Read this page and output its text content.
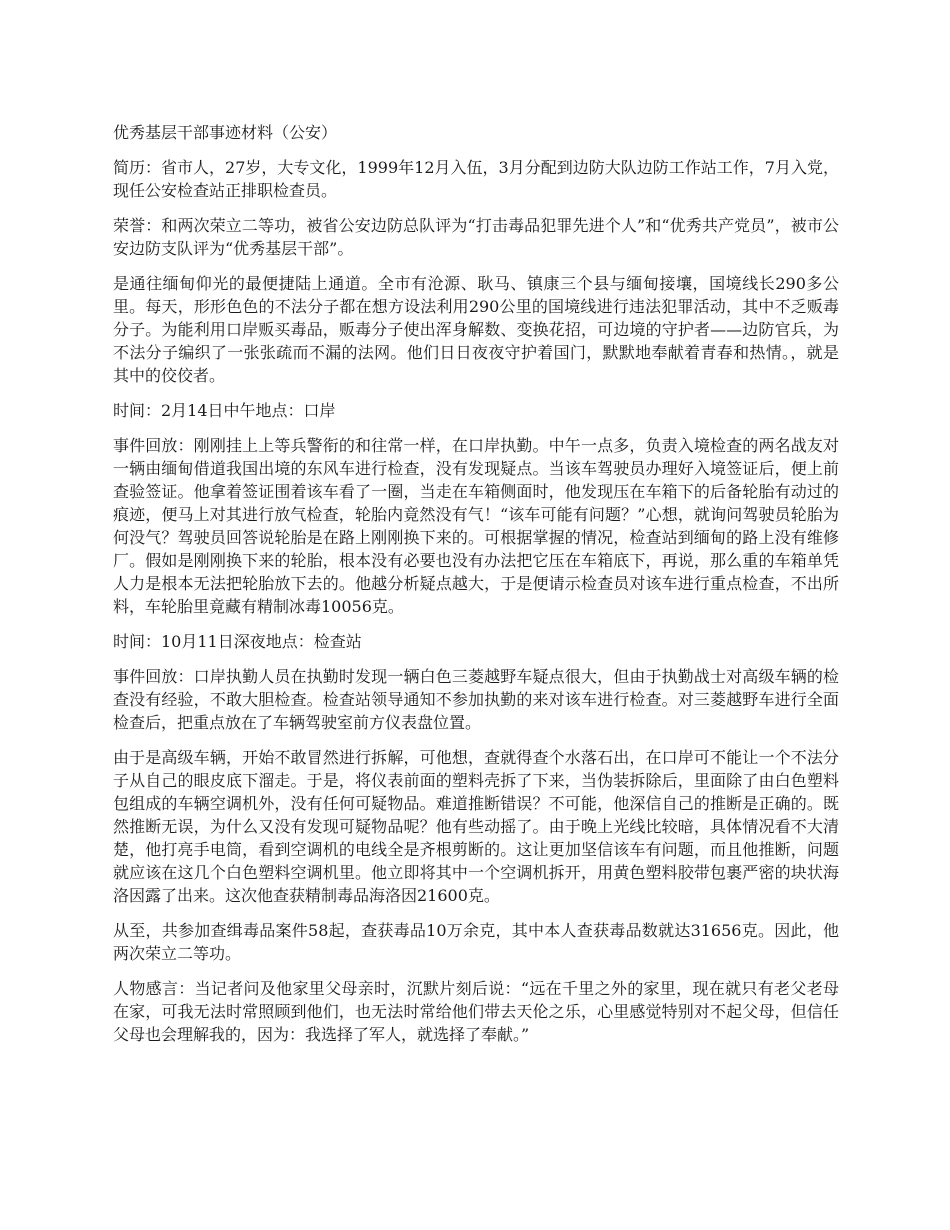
优秀基层干部事迹材料（公安）

简历：省市人，27岁，大专文化，1999年12月入伍，3月分配到边防大队边防工作站工作，7月入党，现任公安检查站正排职检查员。

荣誉：和两次荣立二等功，被省公安边防总队评为“打击毒品犯罪先进个人”和“优秀共产党员”，被市公安边防支队评为“优秀基层干部”。

是通往缅甸仰光的最便捷陆上通道。全市有沧源、耿马、镇康三个县与缅甸接壤，国境线长290多公里。每天，形形色色的不法分子都在想方设法利用290公里的国境线进行违法犯罪活动，其中不乏贩毒分子。为能利用口岸贩买毒品，贩毒分子使出浑身解数、变换花招，可边境的守护者——边防官兵，为不法分子编织了一张张疏而不漏的法网。他们日日夜夜守护着国门，默默地奉献着青春和热情。，就是其中的佼佼者。

时间：2月14日中午地点：口岸

事件回放：刚刚挂上上等兵警衔的和往常一样，在口岸执勤。中午一点多，负责入境检查的两名战友对一辆由缅甸借道我国出境的东风车进行检查，没有发现疑点。当该车驾驶员办理好入境签证后，便上前查验签证。他拿着签证围着该车看了一圈，当走在车箱侧面时，他发现压在车箱下的后备轮胎有动过的痕迹，便马上对其进行放气检查，轮胎内竟然没有气！“该车可能有问题？”心想，就询问驾驶员轮胎为何没气？驾驶员回答说轮胎是在路上刚刚换下来的。可根据掌握的情况，检查站到缅甸的路上没有维修厂。假如是刚刚换下来的轮胎，根本没有必要也没有办法把它压在车箱底下，再说，那么重的车箱单凭人力是根本无法把轮胎放下去的。他越分析疑点越大，于是便请示检查员对该车进行重点检查，不出所料，车轮胎里竟藏有精制冰毒10056克。

时间：10月11日深夜地点：检查站

事件回放：口岸执勤人员在执勤时发现一辆白色三菱越野车疑点很大，但由于执勤战士对高级车辆的检查没有经验，不敢大胆检查。检查站领导通知不参加执勤的来对该车进行检查。对三菱越野车进行全面检查后，把重点放在了车辆驾驶室前方仪表盘位置。

由于是高级车辆，开始不敢冒然进行拆解，可他想，查就得查个水落石出，在口岸可不能让一个不法分子从自己的眼皮底下溜走。于是，将仪表前面的塑料壳拆了下来，当伪装拆除后，里面除了由白色塑料包组成的车辆空调机外，没有任何可疑物品。难道推断错误？不可能，他深信自己的推断是正确的。既然推断无误，为什么又没有发现可疑物品呢？他有些动摇了。由于晚上光线比较暗，具体情况看不大清楚，他打亮手电筒，看到空调机的电线全是齐根剪断的。这让更加坚信该车有问题，而且他推断，问题就应该在这几个白色塑料空调机里。他立即将其中一个空调机拆开，用黄色塑料胶带包裹严密的块状海洛因露了出来。这次他查获精制毒品海洛因21600克。

从至，共参加查缉毒品案件58起，查获毒品10万余克，其中本人查获毒品数就达31656克。因此，他两次荣立二等功。

人物感言：当记者问及他家里父母亲时，沉默片刻后说：“远在千里之外的家里，现在就只有老父老母在家，可我无法时常照顾到他们，也无法时常给他们带去天伦之乐，心里感觉特别对不起父母，但信任父母也会理解我的，因为：我选择了军人，就选择了奉献。”
